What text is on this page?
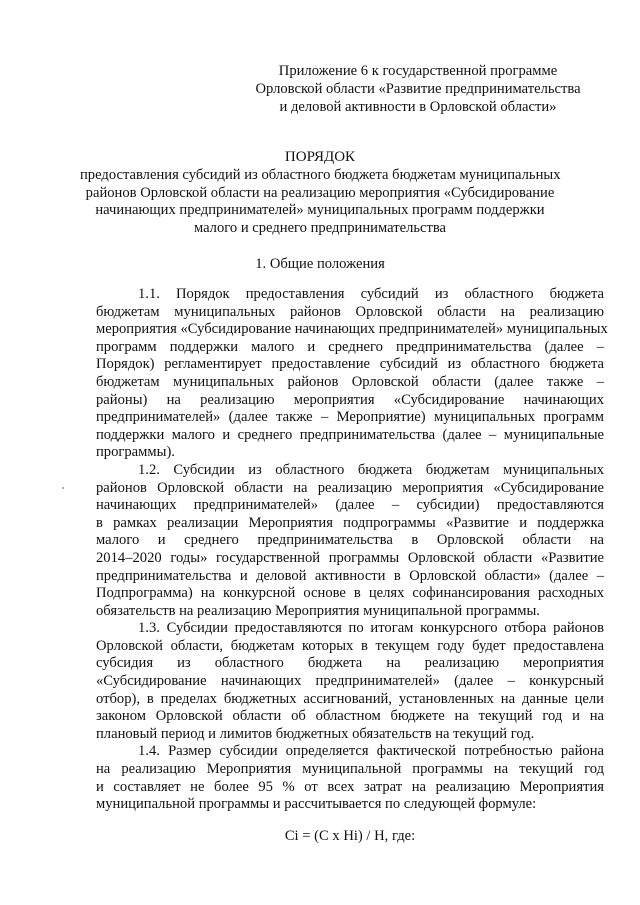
Приложение 6 к государственной программе
Орловской области «Развитие предпринимательства
и деловой активности в Орловской области»
ПОРЯДОК
предоставления субсидий из областного бюджета бюджетам муниципальных
районов Орловской области на реализацию мероприятия «Субсидирование
начинающих предпринимателей» муниципальных программ поддержки
малого и среднего предпринимательства
1. Общие положения
1.1. Порядок предоставления субсидий из областного бюджета
бюджетам муниципальных районов Орловской области на реализацию
мероприятия «Субсидирование начинающих предпринимателей» муниципальных
программ поддержки малого и среднего предпринимательства (далее –
Порядок) регламентирует предоставление субсидий из областного бюджета
бюджетам муниципальных районов Орловской области (далее также –
районы) на реализацию мероприятия «Субсидирование начинающих
предпринимателей» (далее также – Мероприятие) муниципальных программ
поддержки малого и среднего предпринимательства (далее – муниципальные
программы).
1.2. Субсидии из областного бюджета бюджетам муниципальных
районов Орловской области на реализацию мероприятия «Субсидирование
начинающих предпринимателей» (далее – субсидии) предоставляются
в рамках реализации Мероприятия подпрограммы «Развитие и поддержка
малого и среднего предпринимательства в Орловской области на
2014–2020 годы» государственной программы Орловской области «Развитие
предпринимательства и деловой активности в Орловской области» (далее –
Подпрограмма) на конкурсной основе в целях софинансирования расходных
обязательств на реализацию Мероприятия муниципальной программы.
1.3. Субсидии предоставляются по итогам конкурсного отбора районов
Орловской области, бюджетам которых в текущем году будет предоставлена
субсидия из областного бюджета на реализацию мероприятия
«Субсидирование начинающих предпринимателей» (далее – конкурсный
отбор), в пределах бюджетных ассигнований, установленных на данные цели
законом Орловской области об областном бюджете на текущий год и на
плановый период и лимитов бюджетных обязательств на текущий год.
1.4. Размер субсидии определяется фактической потребностью района
на реализацию Мероприятия муниципальной программы на текущий год
и составляет не более 95 % от всех затрат на реализацию Мероприятия
муниципальной программы и рассчитывается по следующей формуле:
Ci = (C x Hi) / H, где:
